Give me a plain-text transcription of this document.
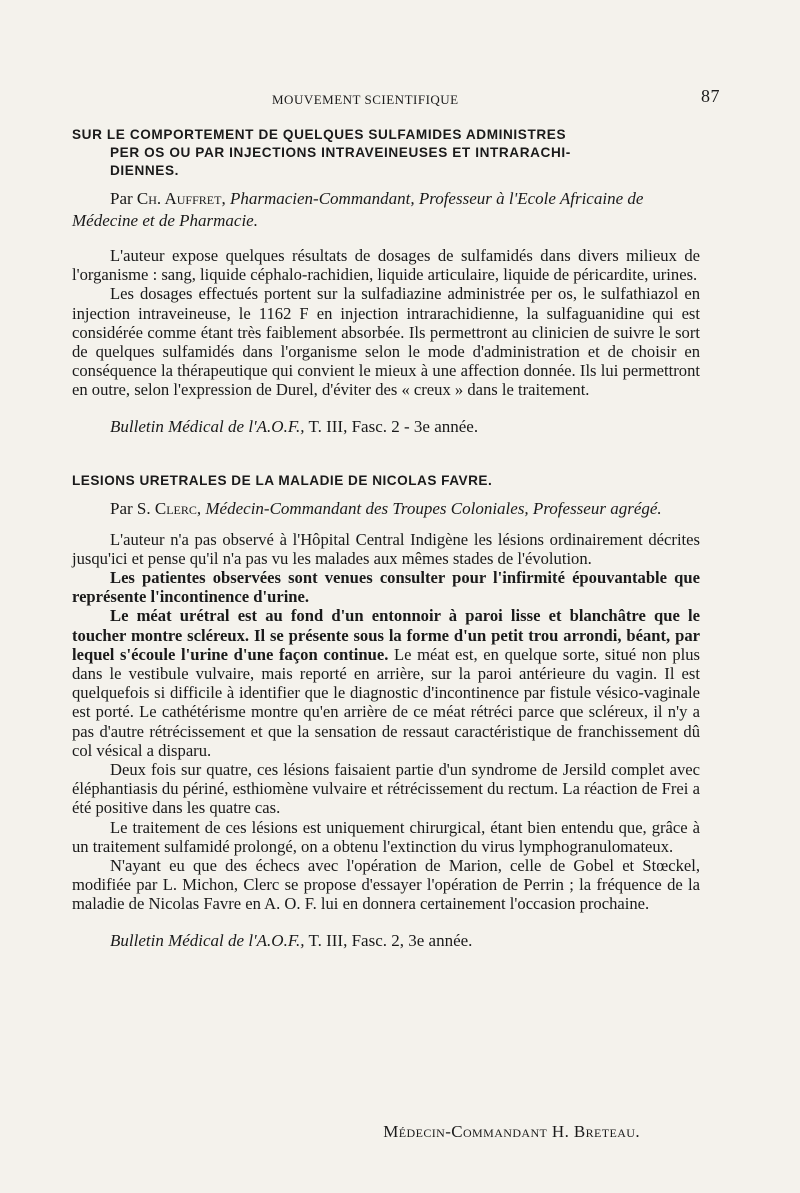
MOUVEMENT SCIENTIFIQUE	87
SUR LE COMPORTEMENT DE QUELQUES SULFAMIDES ADMINISTRES
PER OS OU PAR INJECTIONS INTRAVEINEUSES ET INTRARACHI-
DIENNES.
Par Ch. Auffret, Pharmacien-Commandant, Professeur à l'Ecole Africaine de Médecine et de Pharmacie.

L'auteur expose quelques résultats de dosages de sulfamidés dans divers milieux de l'organisme : sang, liquide céphalo-rachidien, liquide articulaire, liquide de péricardite, urines.

Les dosages effectués portent sur la sulfadiazine administrée per os, le sulfathiazol en injection intraveineuse, le 1162 F en injection intrarachidienne, la sulfaguanidine qui est considérée comme étant très faiblement absorbée. Ils permettront au clinicien de suivre le sort de quelques sulfamidés dans l'organisme selon le mode d'administration et de choisir en conséquence la thérapeutique qui convient le mieux à une affection donnée. Ils lui permettront en outre, selon l'expression de Durel, d'éviter des « creux » dans le traitement.

Bulletin Médical de l'A.O.F., T. III, Fasc. 2 - 3e année.
LESIONS URETRALES DE LA MALADIE DE NICOLAS FAVRE.
Par S. Clerc, Médecin-Commandant des Troupes Coloniales, Professeur agrégé.

L'auteur n'a pas observé à l'Hôpital Central Indigène les lésions ordinairement décrites jusqu'ici et pense qu'il n'a pas vu les malades aux mêmes stades de l'évolution.

Les patientes observées sont venues consulter pour l'infirmité épouvantable que représente l'incontinence d'urine.

Le méat urétral est au fond d'un entonnoir à paroi lisse et blanchâtre que le toucher montre scléreux. Il se présente sous la forme d'un petit trou arrondi, béant, par lequel s'écoule l'urine d'une façon continue. Le méat est, en quelque sorte, situé non plus dans le vestibule vulvaire, mais reporté en arrière, sur la paroi antérieure du vagin. Il est quelquefois si difficile à identifier que le diagnostic d'incontinence par fistule vésico-vaginale est porté. Le cathétérisme montre qu'en arrière de ce méat rétréci parce que scléreux, il n'y a pas d'autre rétrécissement et que la sensation de ressaut caractéristique de franchissement dû col vésical a disparu.

Deux fois sur quatre, ces lésions faisaient partie d'un syndrome de Jersild complet avec éléphantiasis du périné, esthiomène vulvaire et rétrécissement du rectum. La réaction de Frei a été positive dans les quatre cas.

Le traitement de ces lésions est uniquement chirurgical, étant bien entendu que, grâce à un traitement sulfamidé prolongé, on a obtenu l'extinction du virus lymphogranulomateux.

N'ayant eu que des échecs avec l'opération de Marion, celle de Gobel et Stœckel, modifiée par L. Michon, Clerc se propose d'essayer l'opération de Perrin ; la fréquence de la maladie de Nicolas Favre en A. O. F. lui en donnera certainement l'occasion prochaine.

Bulletin Médical de l'A.O.F., T. III, Fasc. 2, 3e année.
Médecin-Commandant H. Breteau.
